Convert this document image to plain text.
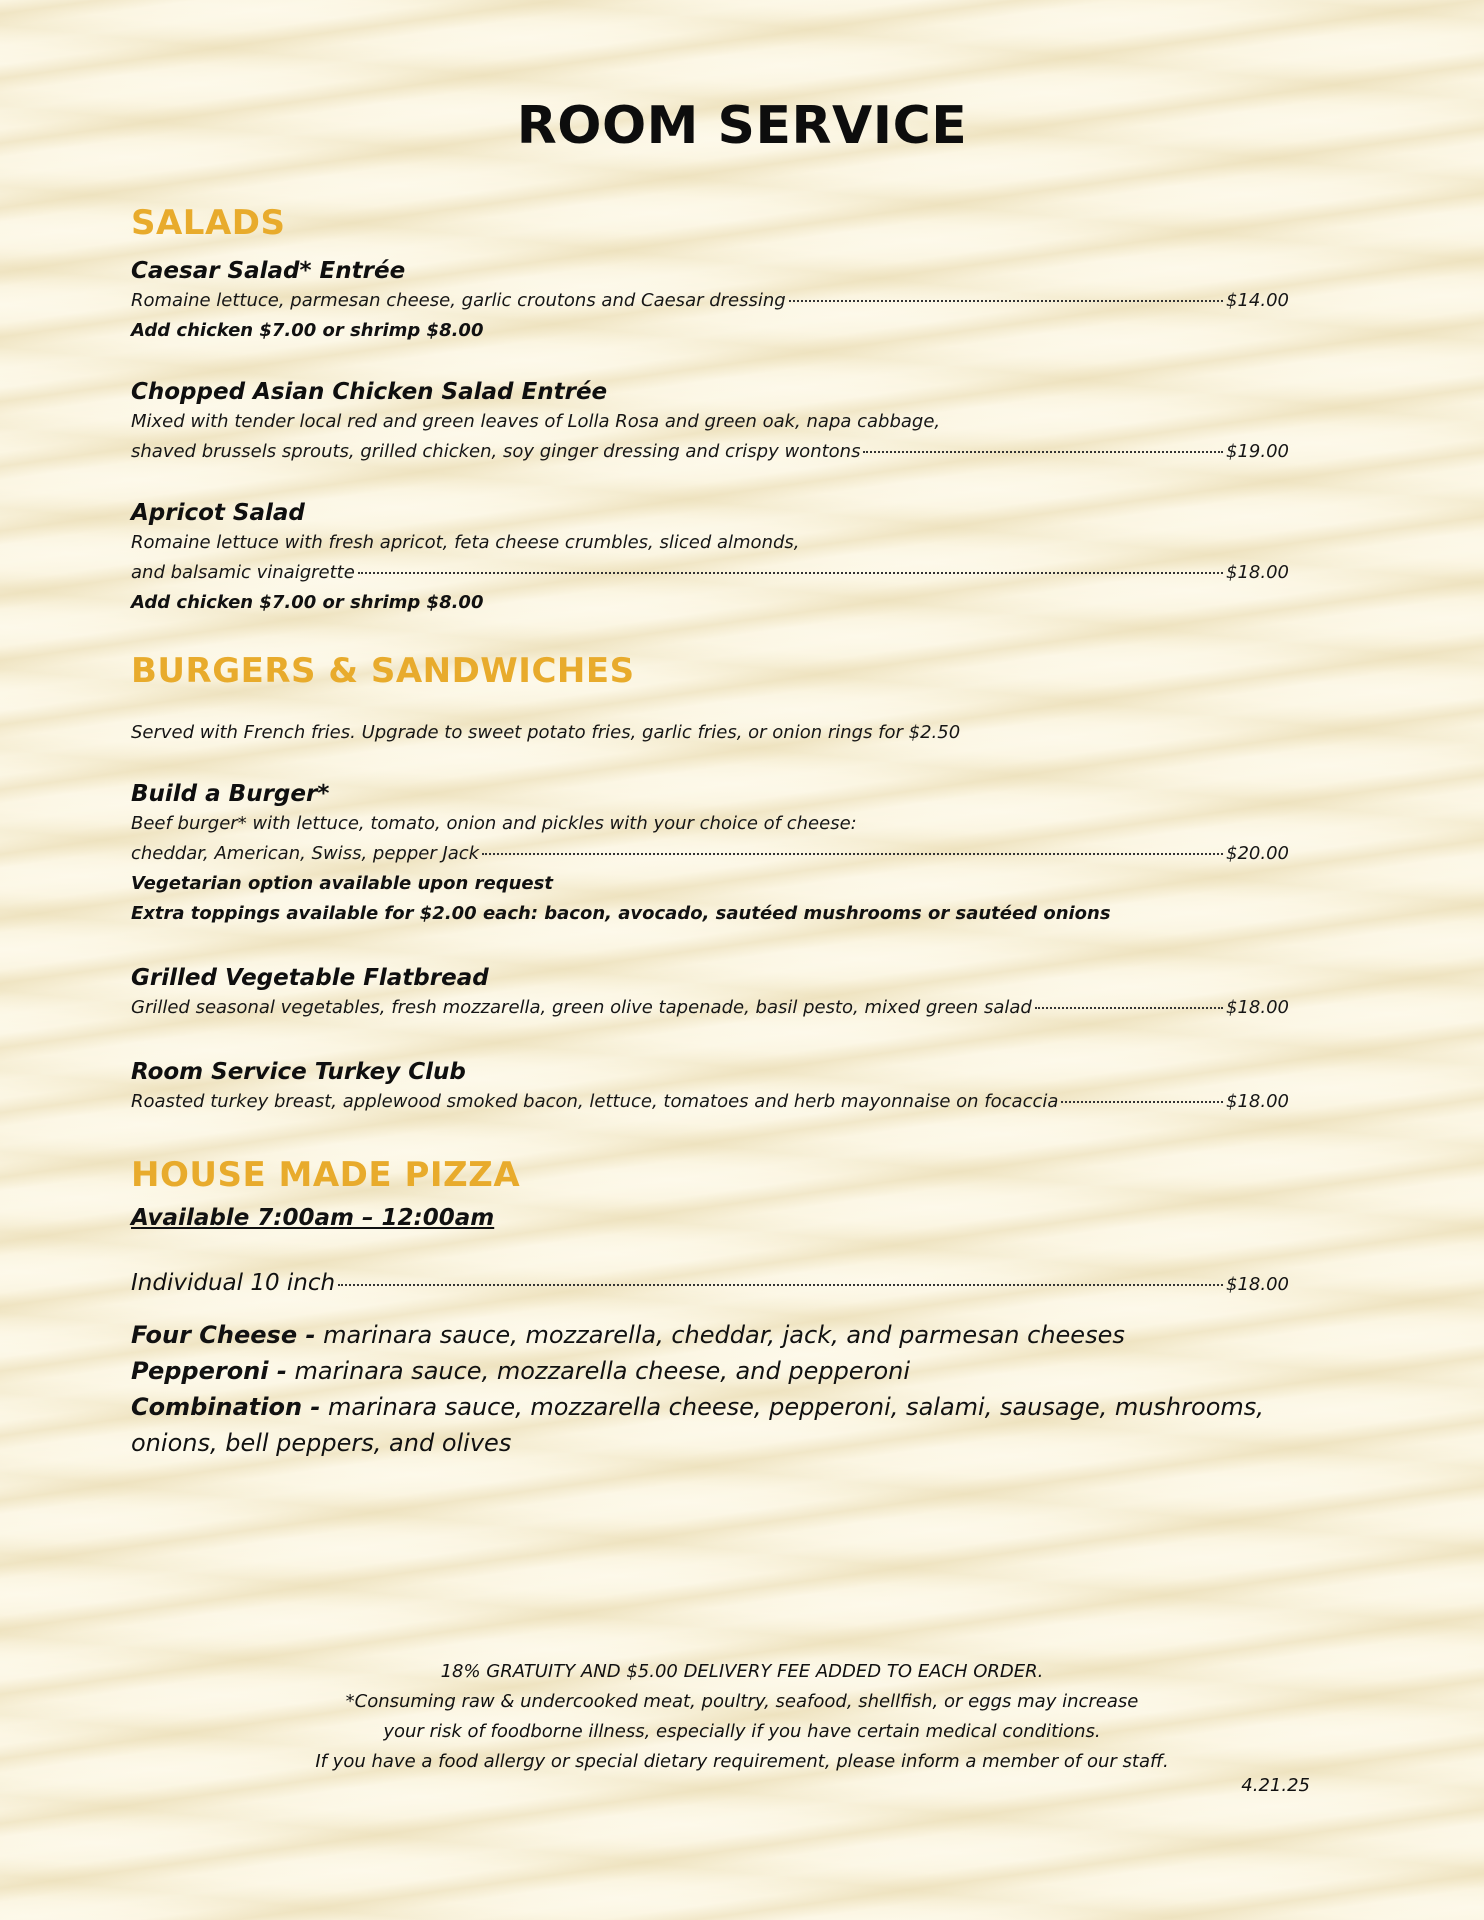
ROOM SERVICE
SALADS
Caesar Salad* Entrée
Romaine lettuce, parmesan cheese, garlic croutons and Caesar dressing	$14.00
Add chicken $7.00 or shrimp $8.00
Chopped Asian Chicken Salad Entrée
Mixed with tender local red and green leaves of Lolla Rosa and green oak, napa cabbage,
shaved brussels sprouts, grilled chicken, soy ginger dressing and crispy wontons	$19.00
Apricot Salad
Romaine lettuce with fresh apricot, feta cheese crumbles, sliced almonds,
and balsamic vinaigrette	$18.00
Add chicken $7.00 or shrimp $8.00
BURGERS & SANDWICHES
Served with French fries. Upgrade to sweet potato fries, garlic fries, or onion rings for $2.50
Build a Burger*
Beef burger* with lettuce, tomato, onion and pickles with your choice of cheese:
cheddar, American, Swiss, pepper Jack	$20.00
Vegetarian option available upon request
Extra toppings available for $2.00 each: bacon, avocado, sautéed mushrooms or sautéed onions
Grilled Vegetable Flatbread
Grilled seasonal vegetables, fresh mozzarella, green olive tapenade, basil pesto, mixed green salad	$18.00
Room Service Turkey Club
Roasted turkey breast, applewood smoked bacon, lettuce, tomatoes and herb mayonnaise on focaccia	$18.00
HOUSE MADE PIZZA
Available 7:00am – 12:00am
Individual 10 inch	$18.00
Four Cheese - marinara sauce, mozzarella, cheddar, jack, and parmesan cheeses
Pepperoni - marinara sauce, mozzarella cheese, and pepperoni
Combination - marinara sauce, mozzarella cheese, pepperoni, salami, sausage, mushrooms, onions, bell peppers, and olives
18% GRATUITY AND $5.00 DELIVERY FEE ADDED TO EACH ORDER.
*Consuming raw & undercooked meat, poultry, seafood, shellfish, or eggs may increase
your risk of foodborne illness, especially if you have certain medical conditions.
If you have a food allergy or special dietary requirement, please inform a member of our staff.
4.21.25
